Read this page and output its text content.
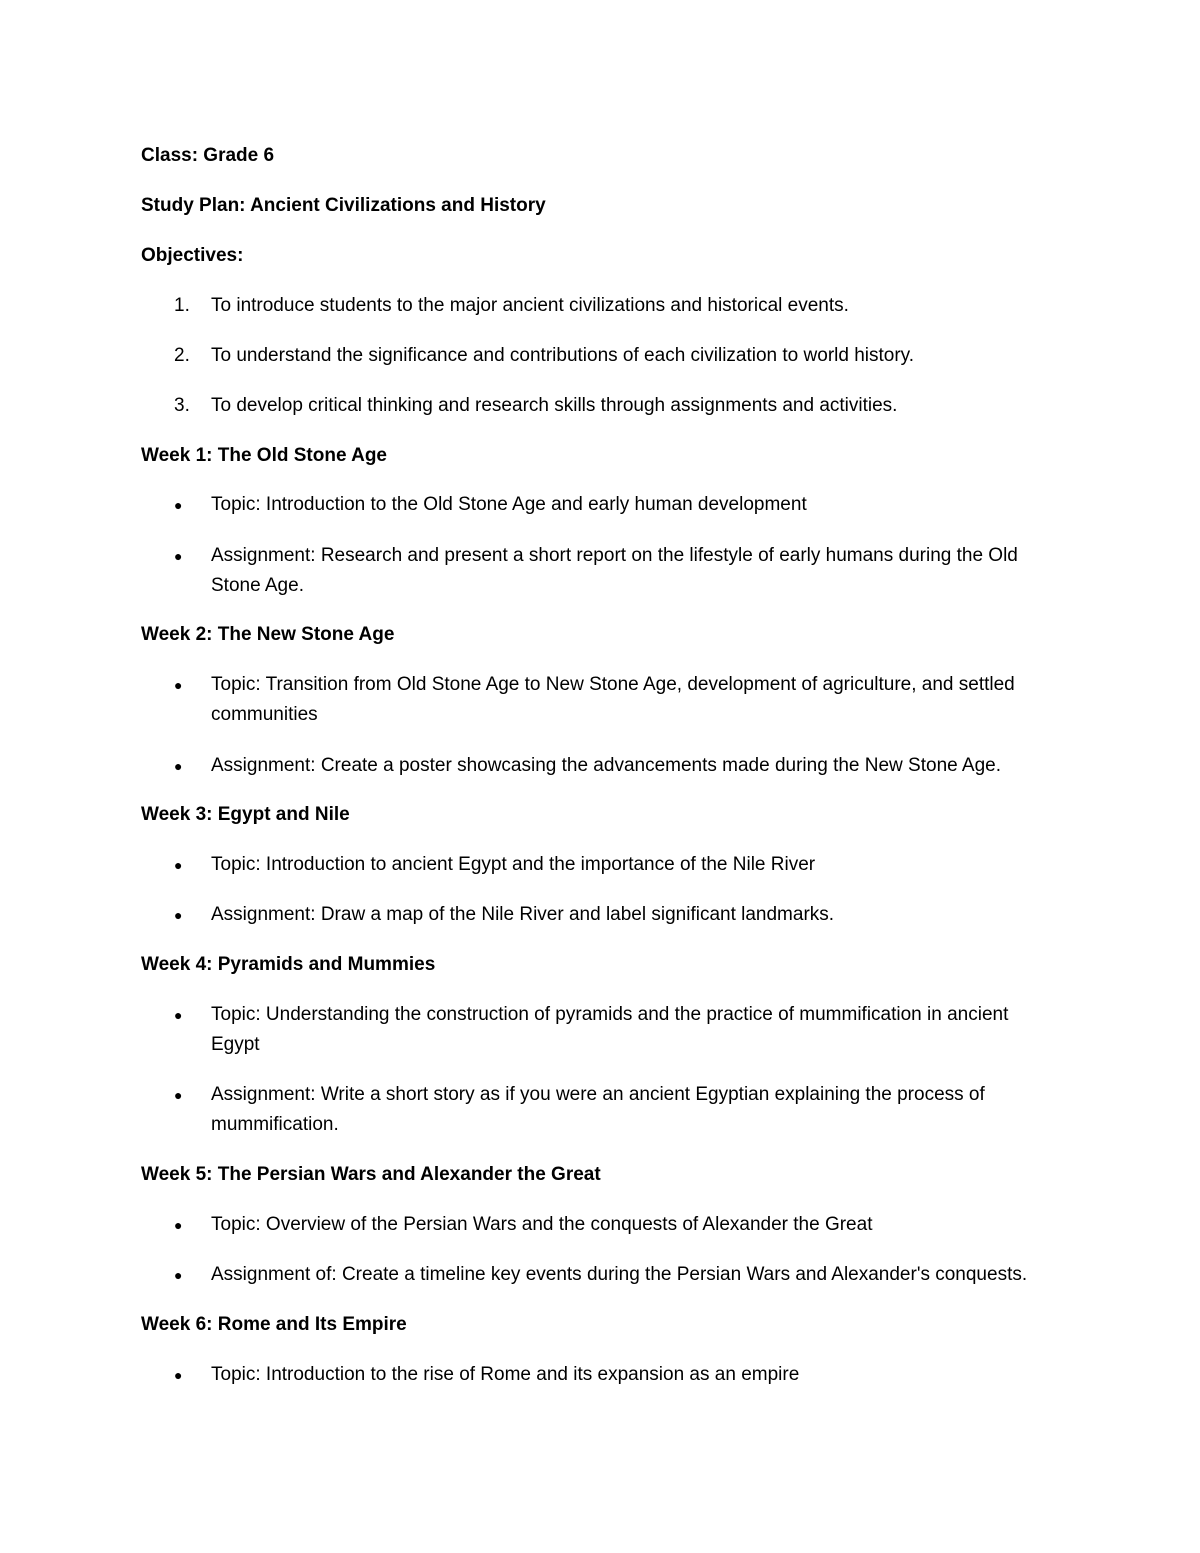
Class: Grade 6
Study Plan: Ancient Civilizations and History
Objectives:
1. To introduce students to the major ancient civilizations and historical events.
2. To understand the significance and contributions of each civilization to world history.
3. To develop critical thinking and research skills through assignments and activities.
Week 1: The Old Stone Age
● Topic: Introduction to the Old Stone Age and early human development
● Assignment: Research and present a short report on the lifestyle of early humans during the Old
Stone Age.
Week 2: The New Stone Age
● Topic: Transition from Old Stone Age to New Stone Age, development of agriculture, and settled
communities
● Assignment: Create a poster showcasing the advancements made during the New Stone Age.
Week 3: Egypt and Nile
● Topic: Introduction to ancient Egypt and the importance of the Nile River
● Assignment: Draw a map of the Nile River and label significant landmarks.
Week 4: Pyramids and Mummies
● Topic: Understanding the construction of pyramids and the practice of mummification in ancient
Egypt
● Assignment: Write a short story as if you were an ancient Egyptian explaining the process of
mummification.
Week 5: The Persian Wars and Alexander the Great
● Topic: Overview of the Persian Wars and the conquests of Alexander the Great
● Assignment of: Create a timeline key events during the Persian Wars and Alexander's conquests.
Week 6: Rome and Its Empire
● Topic: Introduction to the rise of Rome and its expansion as an empire
